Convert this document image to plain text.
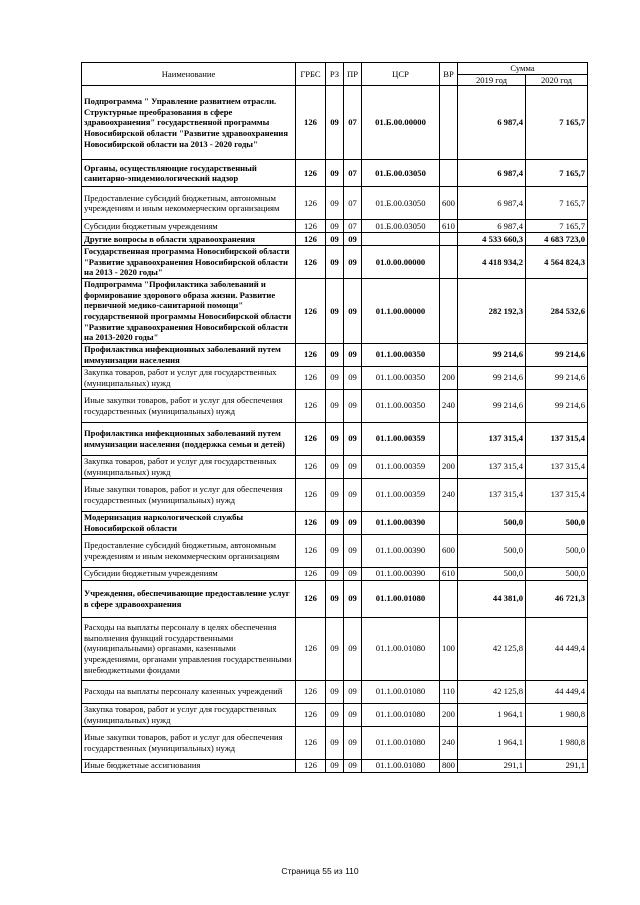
Наименование	ГРБС	РЗ	ПР	ЦСР	ВР	Сумма	
						2019 год	2020 год
Подпрограмма " Управление развитием отрасли. Структурные преобразования в сфере здравоохранения" государственной программы Новосибирской области "Развитие здравоохранения Новосибирской области на 2013 - 2020 годы"	126	09	07	01.Б.00.00000		6 987,4	7 165,7
Органы, осуществляющие государственный санитарно-эпидемиологический надзор	126	09	07	01.Б.00.03050		6 987,4	7 165,7
Предоставление субсидий бюджетным, автономным учреждениям и иным некоммерческим организациям	126	09	07	01.Б.00.03050	600	6 987,4	7 165,7
Субсидии бюджетным учреждениям	126	09	07	01.Б.00.03050	610	6 987,4	7 165,7
Другие вопросы в области здравоохранения	126	09	09			4 533 660,3	4 683 723,0
Государственная программа Новосибирской области "Развитие здравоохранения Новосибирской области на 2013 - 2020 годы"	126	09	09	01.0.00.00000		4 418 934,2	4 564 824,3
Подпрограмма "Профилактика заболеваний и формирование здорового образа жизни. Развитие первичной медико-санитарной помощи" государственной программы Новосибирской области "Развитие здравоохранения Новосибирской области на 2013-2020 годы"	126	09	09	01.1.00.00000		282 192,3	284 532,6
Профилактика инфекционных заболеваний путем иммунизации населения	126	09	09	01.1.00.00350		99 214,6	99 214,6
Закупка товаров, работ и услуг для государственных (муниципальных) нужд	126	09	09	01.1.00.00350	200	99 214,6	99 214,6
Иные закупки товаров, работ и услуг для обеспечения государственных (муниципальных) нужд	126	09	09	01.1.00.00350	240	99 214,6	99 214,6
Профилактика инфекционных заболеваний путем иммунизации населения (поддержка семьи и детей)	126	09	09	01.1.00.00359		137 315,4	137 315,4
Закупка товаров, работ и услуг для государственных (муниципальных) нужд	126	09	09	01.1.00.00359	200	137 315,4	137 315,4
Иные закупки товаров, работ и услуг для обеспечения государственных (муниципальных) нужд	126	09	09	01.1.00.00359	240	137 315,4	137 315,4
Модернизация наркологической службы Новосибирской области	126	09	09	01.1.00.00390		500,0	500,0
Предоставление субсидий бюджетным, автономным учреждениям и иным некоммерческим организациям	126	09	09	01.1.00.00390	600	500,0	500,0
Субсидии бюджетным учреждениям	126	09	09	01.1.00.00390	610	500,0	500,0
Учреждения, обеспечивающие предоставление услуг в сфере здравоохранения	126	09	09	01.1.00.01080		44 381,0	46 721,3
Расходы на выплаты персоналу в целях обеспечения выполнения функций государственными (муниципальными) органами, казенными учреждениями, органами управления государственными внебюджетными фондами	126	09	09	01.1.00.01080	100	42 125,8	44 449,4
Расходы на выплаты персоналу казенных учреждений	126	09	09	01.1.00.01080	110	42 125,8	44 449,4
Закупка товаров, работ и услуг для государственных (муниципальных) нужд	126	09	09	01.1.00.01080	200	1 964,1	1 980,8
Иные закупки товаров, работ и услуг для обеспечения государственных (муниципальных) нужд	126	09	09	01.1.00.01080	240	1 964,1	1 980,8
Иные бюджетные ассигнования	126	09	09	01.1.00.01080	800	291,1	291,1
Страница 55 из 110
